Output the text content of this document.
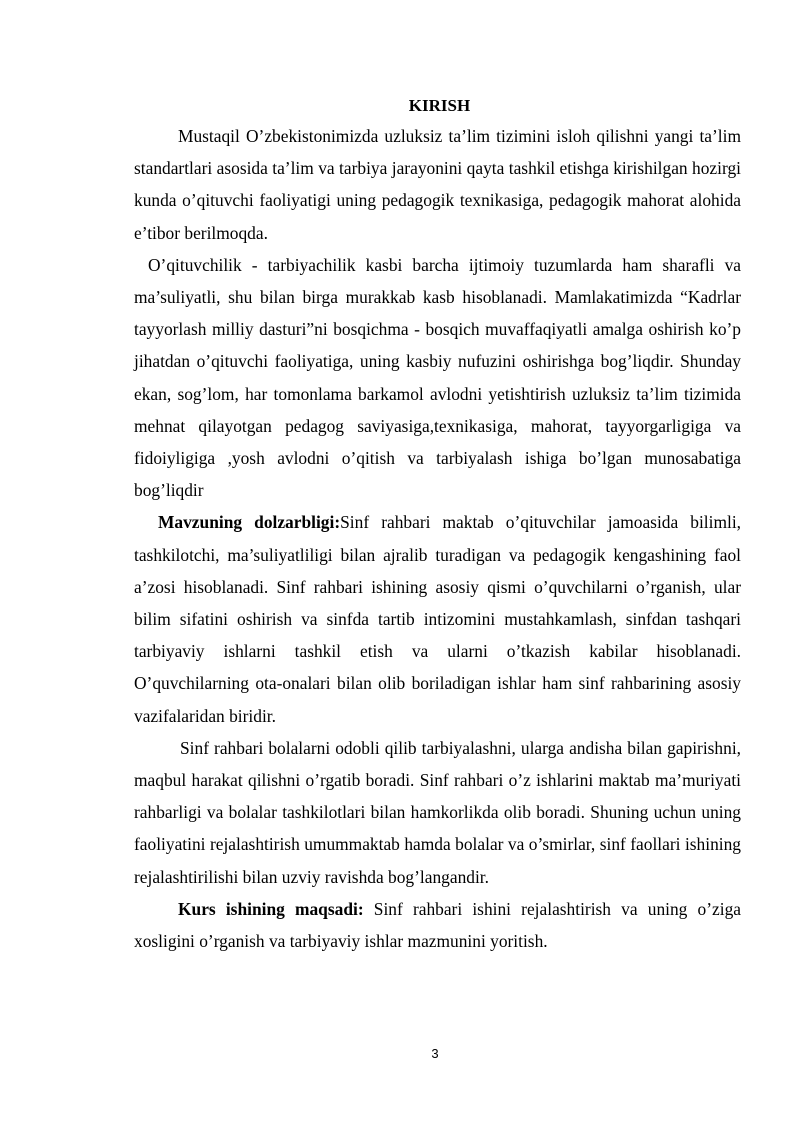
KIRISH

Mustaqil O’zbekistonimizda uzluksiz ta’lim tizimini isloh qilishni yangi ta’lim standartlari asosida ta’lim va tarbiya jarayonini qayta tashkil etishga kirishilgan hozirgi kunda o’qituvchi faoliyatigi uning pedagogik texnikasiga, pedagogik mahorat alohida e’tibor berilmoqda.

O’qituvchilik - tarbiyachilik kasbi barcha ijtimoiy tuzumlarda ham sharafli va ma’suliyatli, shu bilan birga murakkab kasb hisoblanadi. Mamlakatimizda “Kadrlar tayyorlash milliy dasturi”ni bosqichma - bosqich muvaffaqiyatli amalga oshirish ko’p jihatdan o’qituvchi faoliyatiga, uning kasbiy nufuzini oshirishga bog’liqdir. Shunday ekan, sog’lom, har tomonlama barkamol avlodni yetishtirish uzluksiz ta’lim tizimida mehnat qilayotgan pedagog saviyasiga,texnikasiga, mahorat, tayyorgarligiga va fidoiyligiga ,yosh avlodni o’qitish va tarbiyalash ishiga bo’lgan munosabatiga bog’liqdir

Mavzuning dolzarbligi:Sinf rahbari maktab o’qituvchilar jamoasida bilimli, tashkilotchi, ma’suliyatliligi bilan ajralib turadigan va pedagogik kengashining faol a’zosi hisoblanadi. Sinf rahbari ishining asosiy qismi o’quvchilarni o’rganish, ular bilim sifatini oshirish va sinfda tartib intizomini mustahkamlash, sinfdan tashqari tarbiyaviy ishlarni tashkil etish va ularni o’tkazish kabilar hisoblanadi. O’quvchilarning ota-onalari bilan olib boriladigan ishlar ham sinf rahbarining asosiy vazifalaridan biridir.

Sinf rahbari bolalarni odobli qilib tarbiyalashni, ularga andisha bilan gapirishni, maqbul harakat qilishni o’rgatib boradi. Sinf rahbari o’z ishlarini maktab ma’muriyati rahbarligi va bolalar tashkilotlari bilan hamkorlikda olib boradi. Shuning uchun uning faoliyatini rejalashtirish umummaktab hamda bolalar va o’smirlar, sinf faollari ishining rejalashtirilishi bilan uzviy ravishda bog’langandir.

Kurs ishining maqsadi: Sinf rahbari ishini rejalashtirish va uning o’ziga xosligini o’rganish va tarbiyaviy ishlar mazmunini yoritish.

3
